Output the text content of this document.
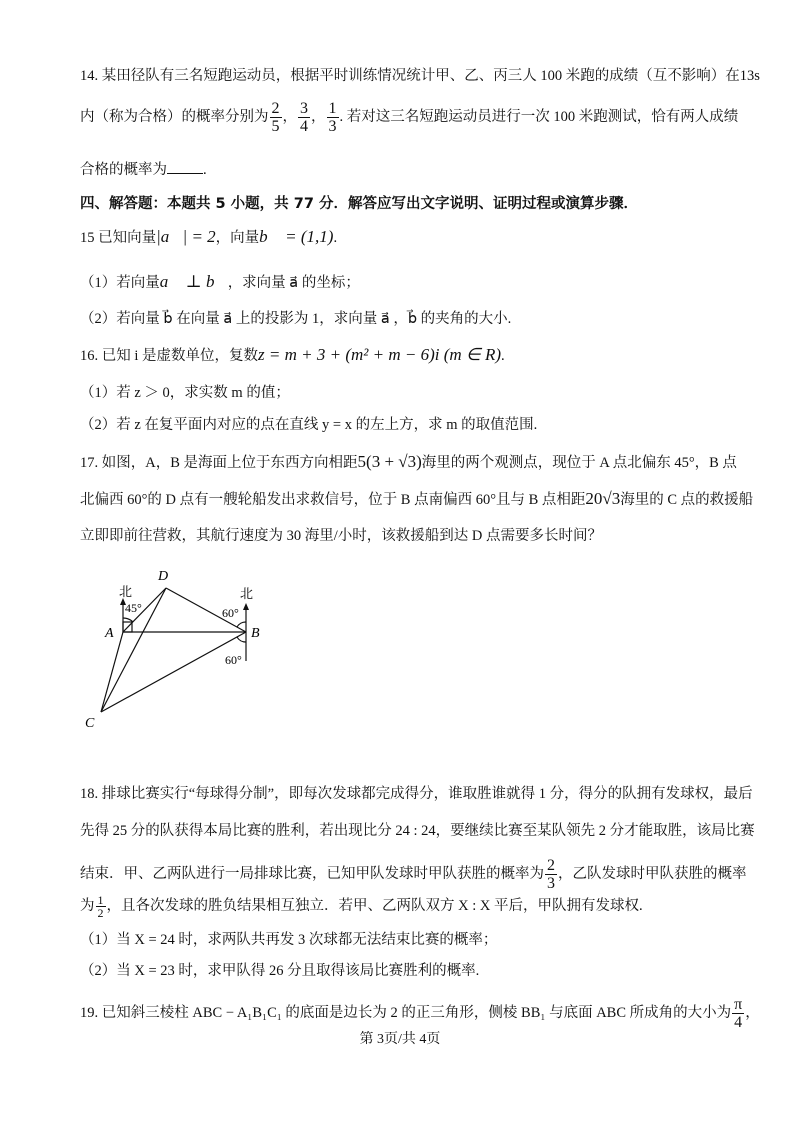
14. 某田径队有三名短跑运动员，根据平时训练情况统计甲、乙、丙三人 100 米跑的成绩（互不影响）在13s
内（称为合格）的概率分别为 $\frac{2}{5}$ ， $\frac{3}{4}$ ， $\frac{1}{3}$ . 若对这三名短跑运动员进行一次 100 米跑测试，恰有两人成绩
合格的概率为 .
四、解答题：本题共 5 小题，共 77 分．解答应写出文字说明、证明过程或演算步骤．
15 已知向量|a⃗| = 2，向量b⃗ = (1,1).
（1）若向量a⃗ ⊥ b⃗，求向量 a⃗ 的坐标；
（2）若向量 b⃗ 在向量 a⃗ 上的投影为 1，求向量 a⃗ ，b⃗ 的夹角的大小.
16. 已知 i 是虚数单位，复数z = m + 3 + (m² + m − 6)i (m ∈ R).
（1）若 z ＞ 0，求实数 m 的值；
（2）若 z 在复平面内对应的点在直线 y = x 的左上方，求 m 的取值范围.
17. 如图，A，B 是海面上位于东西方向相距5(3 + √3)海里的两个观测点，现位于 A 点北偏东 45°，B 点
北偏西 60°的 D 点有一艘轮船发出求救信号，位于 B 点南偏西 60°且与 B 点相距20√3海里的 C 点的救援船
立即即前往营救，其航行速度为 30 海里/小时，该救援船到达 D 点需要多长时间？
北	北
45°	60°
60°
A	B
C
D
18. 排球比赛实行“每球得分制”，即每次发球都完成得分，谁取胜谁就得 1 分，得分的队拥有发球权，最后
先得 25 分的队获得本局比赛的胜利，若出现比分 24 : 24，要继续比赛至某队领先 2 分才能取胜，该局比赛
结束．甲、乙两队进行一局排球比赛，已知甲队发球时甲队获胜的概率为 $\frac{2}{3}$ ，乙队发球时甲队获胜的概率
为 $\frac{1}{2}$ ，且各次发球的胜负结果相互独立．若甲、乙两队双方 X : X 平后，甲队拥有发球权.
（1）当 X = 24 时，求两队共再发 3 次球都无法结束比赛的概率；
（2）当 X = 23 时，求甲队得 26 分且取得该局比赛胜利的概率.
19. 已知斜三棱柱 ABC − A₁B₁C₁ 的底面是边长为 2 的正三角形，侧棱 BB₁ 与底面 ABC 所成角的大小为 $\frac{\pi}{4}$ ，
第 3页/共 4页
